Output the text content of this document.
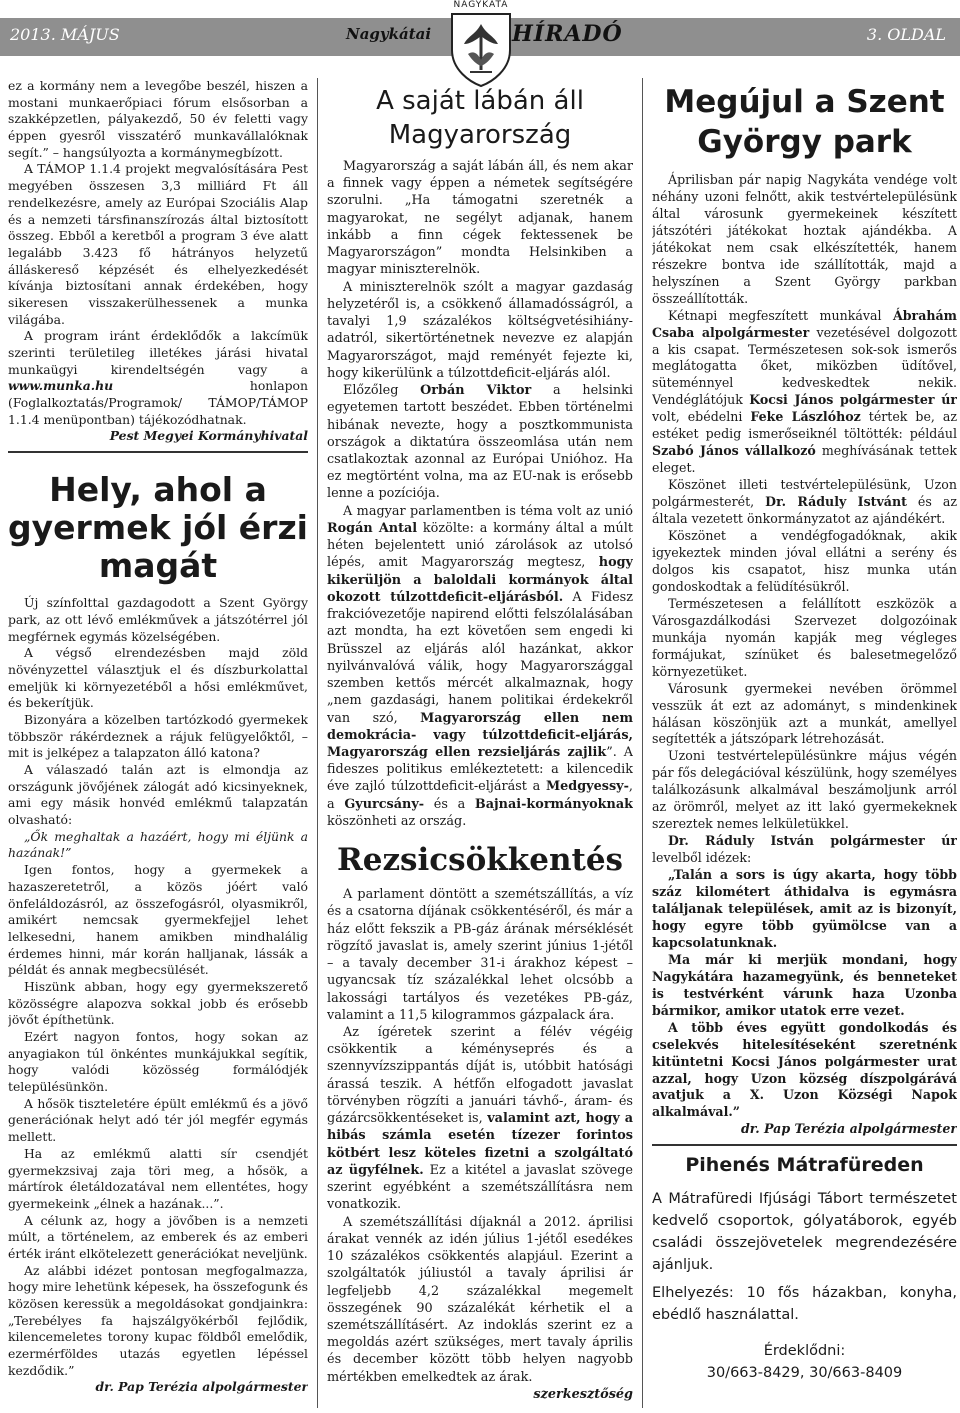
2013. MÁJUS	Nagykátai	HÍRADÓ	3. OLDAL
NAGYKÁTA

ez a kormány nem a levegőbe beszél, hiszen a mostani munkaerőpiaci fórum elsősorban a szakképzetlen, pályakezdő, 50 év feletti vagy éppen gyesről visszatérő munkavállalóknak segít.” – hangsúlyozta a kormánymegbízott.

A TÁMOP 1.1.4 projekt megvalósítására Pest megyében összesen 3,3 milliárd Ft áll rendelkezésre, amely az Európai Szociális Alap és a nemzeti társfinanszírozás által biztosított összeg. Ebből a keretből a program 3 éve alatt legalább 3.423 fő hátrányos helyzetű álláskereső képzését és elhelyezkedését kívánja biztosítani annak érdekében, hogy sikeresen visszakerülhessenek a munka világába.

A program iránt érdeklődők a lakcímük szerinti területileg illetékes járási hivatal munkaügyi kirendeltségén vagy a www.munka.hu honlapon (Foglalkoztatás/Programok/ TÁMOP/TÁMOP 1.1.4 menüpontban) tájékozódhatnak.

Pest Megyei Kormányhivatal

Hely, ahol a gyermek jól érzi magát

Új színfolttal gazdagodott a Szent György park, az ott lévő emlékművek a játszótérrel jól megférnek egymás közelségében.

A végső elrendezésben majd zöld növényzettel választjuk el és díszburkolattal emeljük ki környezetéből a hősi emlékművet, és bekerítjük.

Bizonyára a közelben tartózkodó gyermekek többször rákérdeznek a rájuk felügyelőktől, – mit is jelképez a talapzaton álló katona?

A válaszadó talán azt is elmondja az országunk jövőjének zálogát adó kicsinyeknek, ami egy másik honvéd emlékmű talapzatán olvasható:

„Ők meghaltak a hazáért, hogy mi éljünk a hazának!”

Igen fontos, hogy a gyermekek a hazaszeretetről, a közös jóért való önfeláldozásról, az összefogásról, olyasmikről, amikért nemcsak gyermekfejjel lehet lelkesedni, hanem amikben mindhalálig érdemes hinni, már korán halljanak, lássák a példát és annak megbecsülését.

Hiszünk abban, hogy egy gyermekszerető közösségre alapozva sokkal jobb és erősebb jövőt építhetünk.

Ezért nagyon fontos, hogy sokan az anyagiakon túl önkéntes munkájukkal segítik, hogy valódi közösség formálódjék településünkön.

A hősök tiszteletére épült emlékmű és a jövő generációnak helyt adó tér jól megfér egymás mellett.

Ha az emlékmű alatti sír csendjét gyermekzsivaj zaja töri meg, a hősök, a mártírok életáldozatával nem ellentétes, hogy gyermekeink „élnek a hazának...”.

A célunk az, hogy a jövőben is a nemzeti múlt, a történelem, az emberek és az emberi érték iránt elkötelezett generációkat neveljünk.

Az alábbi idézet pontosan megfogalmazza, hogy mire lehetünk képesek, ha összefogunk és közösen keressük a megoldásokat gondjainkra: „Terebélyes fa hajszálgyökérből fejlődik, kilencemeletes torony kupac földből emelődik, ezermérföldes utazás egyetlen lépéssel kezdődik.”

dr. Pap Terézia alpolgármester

A saját lábán áll Magyarország

Magyarország a saját lábán áll, és nem akar a finnek vagy éppen a németek segítségére szorulni. „Ha támogatni szeretnék a magyarokat, ne segélyt adjanak, hanem inkább a finn cégek fektessenek be Magyarországon” mondta Helsinkiben a magyar miniszterelnök.

A miniszterelnök szólt a magyar gazdaság helyzetéről is, a csökkenő államadósságról, a tavalyi 1,9 százalékos költségvetésihiány-adatról, sikertörténetnek nevezve ez alapján Magyarországot, majd reményét fejezte ki, hogy kikerülünk a túlzottdeficit-eljárás alól.

Előzőleg Orbán Viktor a helsinki egyetemen tartott beszédet. Ebben történelmi hibának nevezte, hogy a posztkommunista országok a diktatúra összeomlása után nem csatlakoztak azonnal az Európai Unióhoz. Ha ez megtörtént volna, ma az EU-nak is erősebb lenne a pozíciója.

A magyar parlamentben is téma volt az unió Rogán Antal közölte: a kormány által a múlt héten bejelentett unió zárolások az utolsó lépés, amit Magyarország megtesz, hogy kikerüljön a baloldali kormányok által okozott túlzottdeficit-eljárásból. A Fidesz frakcióvezetője napirend előtti felszólalásában azt mondta, ha ezt követően sem engedi ki Brüsszel az eljárás alól hazánkat, akkor nyilvánvalóvá válik, hogy Magyarországgal szemben kettős mércét alkalmaznak, hogy „nem gazdasági, hanem politikai érdekekről van szó, Magyarország ellen nem demokrácia- vagy túlzottdeficit-eljárás, Magyarország ellen rezsieljárás zajlik”. A fideszes politikus emlékeztetett: a kilencedik éve zajló túlzottdeficit-eljárást a Medgyessy-, a Gyurcsány- és a Bajnai-kormányoknak köszönheti az ország.

Rezsicsökkentés

A parlament döntött a szemétszállítás, a víz és a csatorna díjának csökkentéséről, és már a ház előtt fekszik a PB-gáz árának mérséklését rögzítő javaslat is, amely szerint június 1-jétől – a tavaly december 31-i árakhoz képest – ugyancsak tíz százalékkal lehet olcsóbb a lakossági tartályos és vezetékes PB-gáz, valamint a 11,5 kilogrammos gázpalack ára.

Az ígéretek szerint a félév végéig csökkentik a kéményseprés és a szennyvízszippantás díját is, utóbbit hatósági árassá teszik. A hétfőn elfogadott javaslat törvényben rögzíti a januári távhő-, áram- és gázárcsökkentéseket is, valamint azt, hogy a hibás számla esetén tízezer forintos kötbért lesz köteles fizetni a szolgáltató az ügyfélnek. Ez a kitétel a javaslat szövege szerint egyébként a szemétszállításra nem vonatkozik.

A szemétszállítási díjaknál a 2012. áprilisi árakat vennék az idén július 1-jétől esedékes 10 százalékos csökkentés alapjául. Ezerint a szolgáltatók júliustól a tavaly áprilisi ár legfeljebb 4,2 százalékkal megemelt összegének 90 százalékát kérhetik el a szemétszállításért. Az indoklás szerint ez a megoldás azért szükséges, mert tavaly április és december között több helyen nagyobb mértékben emelkedtek az árak.

szerkesztőség

Megújul a Szent György park

Áprilisban pár napig Nagykáta vendége volt néhány uzoni felnőtt, akik testvértelepülésünk által városunk gyermekeinek készített játszótéri játékokat hoztak ajándékba. A játékokat nem csak elkészítették, hanem részekre bontva ide szállították, majd a helyszínen a Szent György parkban összeállították.

Kétnapi megfeszített munkával Ábrahám Csaba alpolgármester vezetésével dolgozott a kis csapat. Természetesen sok-sok ismerős meglátogatta őket, miközben üdítővel, süteménnyel kedveskedtek nekik. Vendéglátójuk Kocsi János polgármester úr volt, ebédelni Feke Lászlóhoz tértek be, az estéket pedig ismerőseiknél töltötték: például Szabó János vállalkozó meghívásának tettek eleget.

Köszönet illeti testvértelepülésünk, Uzon polgármesterét, Dr. Ráduly Istvánt és az általa vezetett önkormányzatot az ajándékért.

Köszönet a vendégfogadóknak, akik igyekeztek minden jóval ellátni a serény és dolgos kis csapatot, hisz munka után gondoskodtak a felüdítésükről.

Természetesen a felállított eszközök a Városgazdálkodási Szervezet dolgozóinak munkája nyomán kapják meg végleges formájukat, színüket és balesetmegelőző környezetüket.

Városunk gyermekei nevében örömmel vesszük át ezt az adományt, s mindenkinek hálásan köszönjük azt a munkát, amellyel segítették a játszópark létrehozását.

Uzoni testvértelepülésünkre május végén pár fős delegációval készülünk, hogy személyes találkozásunk alkalmával beszámoljunk arról az örömről, melyet az itt lakó gyermekeknek szereztek nemes lelkületükkel.

Dr. Ráduly István polgármester úr levelből idézek:

„Talán a sors is úgy akarta, hogy több száz kilométert áthidalva is egymásra találjanak települések, amit az is bizonyít, hogy egyre több gyümölcse van a kapcsolatunknak.

Ma már ki merjük mondani, hogy Nagykátára hazamegyünk, és benneteket is testvérként várunk haza Uzonba bármikor, amikor utatok erre vezet.

A több éves együtt gondolkodás és cselekvés hitelesítéseként szeretnénk kitüntetni Kocsi János polgármester urat azzal, hogy Uzon község díszpolgárává avatjuk a X. Uzon Községi Napok alkalmával.”

dr. Pap Terézia alpolgármester

Pihenés Mátrafüreden

A Mátrafüredi Ifjúsági Tábort természetet kedvelő csoportok, gólyatáborok, egyéb családi összejövetelek megrendezésére ajánljuk.

Elhelyezés: 10 fős házakban, konyha, ebédlő használattal.

Érdeklődni:

30/663-8429, 30/663-8409
